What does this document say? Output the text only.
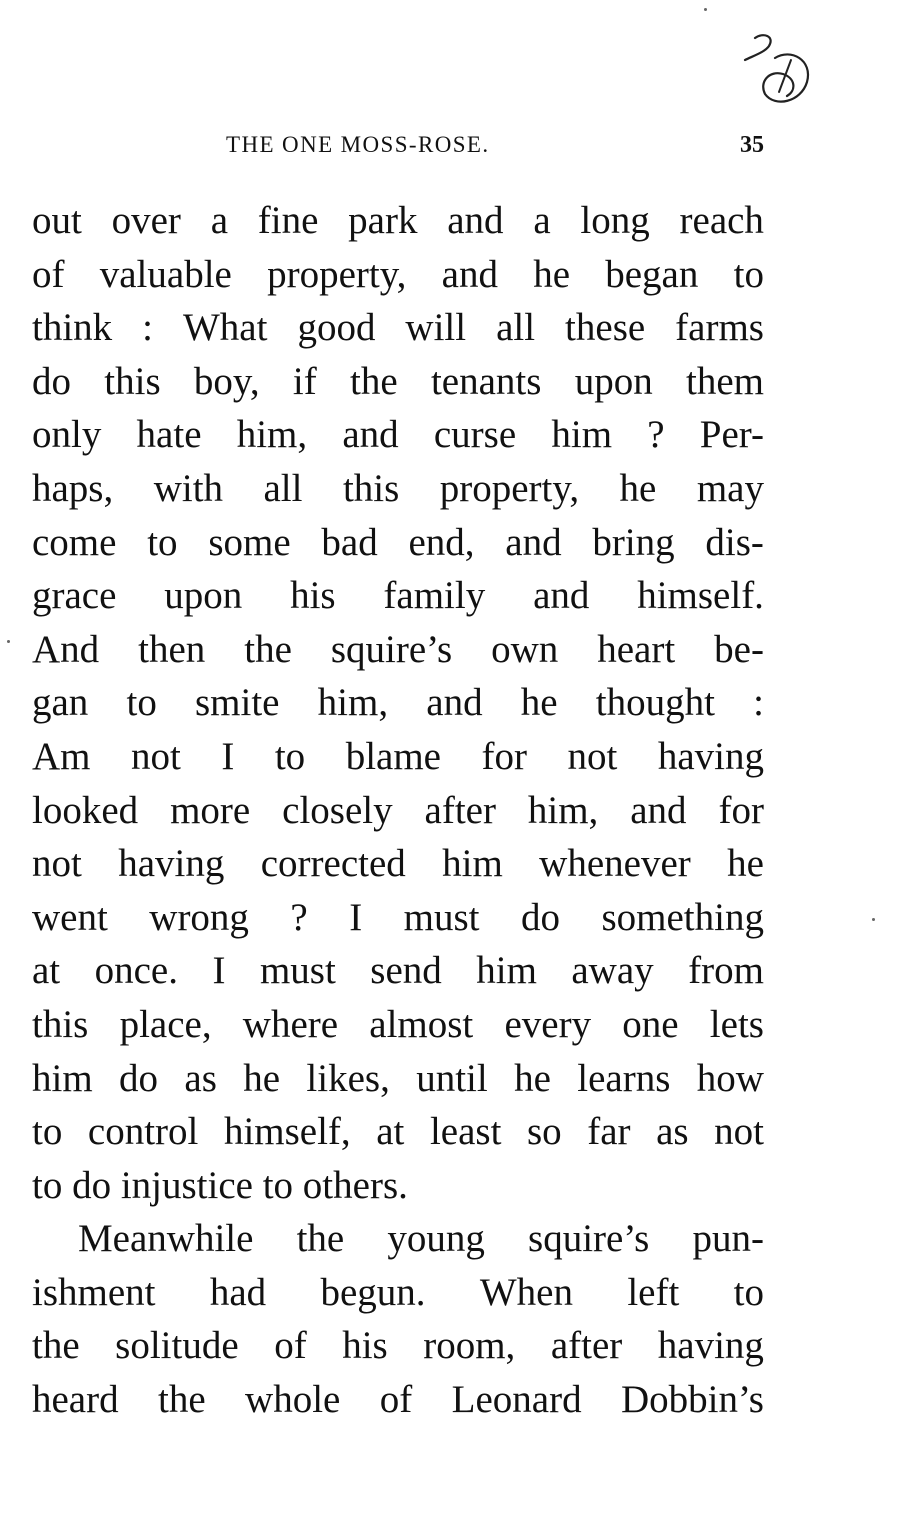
THE ONE MOSS-ROSE.	35
out over a fine park and a long reach
of valuable property, and he began to
think : What good will all these farms
do this boy, if the tenants upon them
only hate him, and curse him ? Per-
haps, with all this property, he may
come to some bad end, and bring dis-
grace upon his family and himself.
And then the squire’s own heart be-
gan to smite him, and he thought :
Am not I to blame for not having
looked more closely after him, and for
not having corrected him whenever he
went wrong ? I must do something
at once. I must send him away from
this place, where almost every one lets
him do as he likes, until he learns how
to control himself, at least so far as not
to do injustice to others.
Meanwhile the young squire’s pun-
ishment had begun. When left to
the solitude of his room, after having
heard the whole of Leonard Dobbin’s
